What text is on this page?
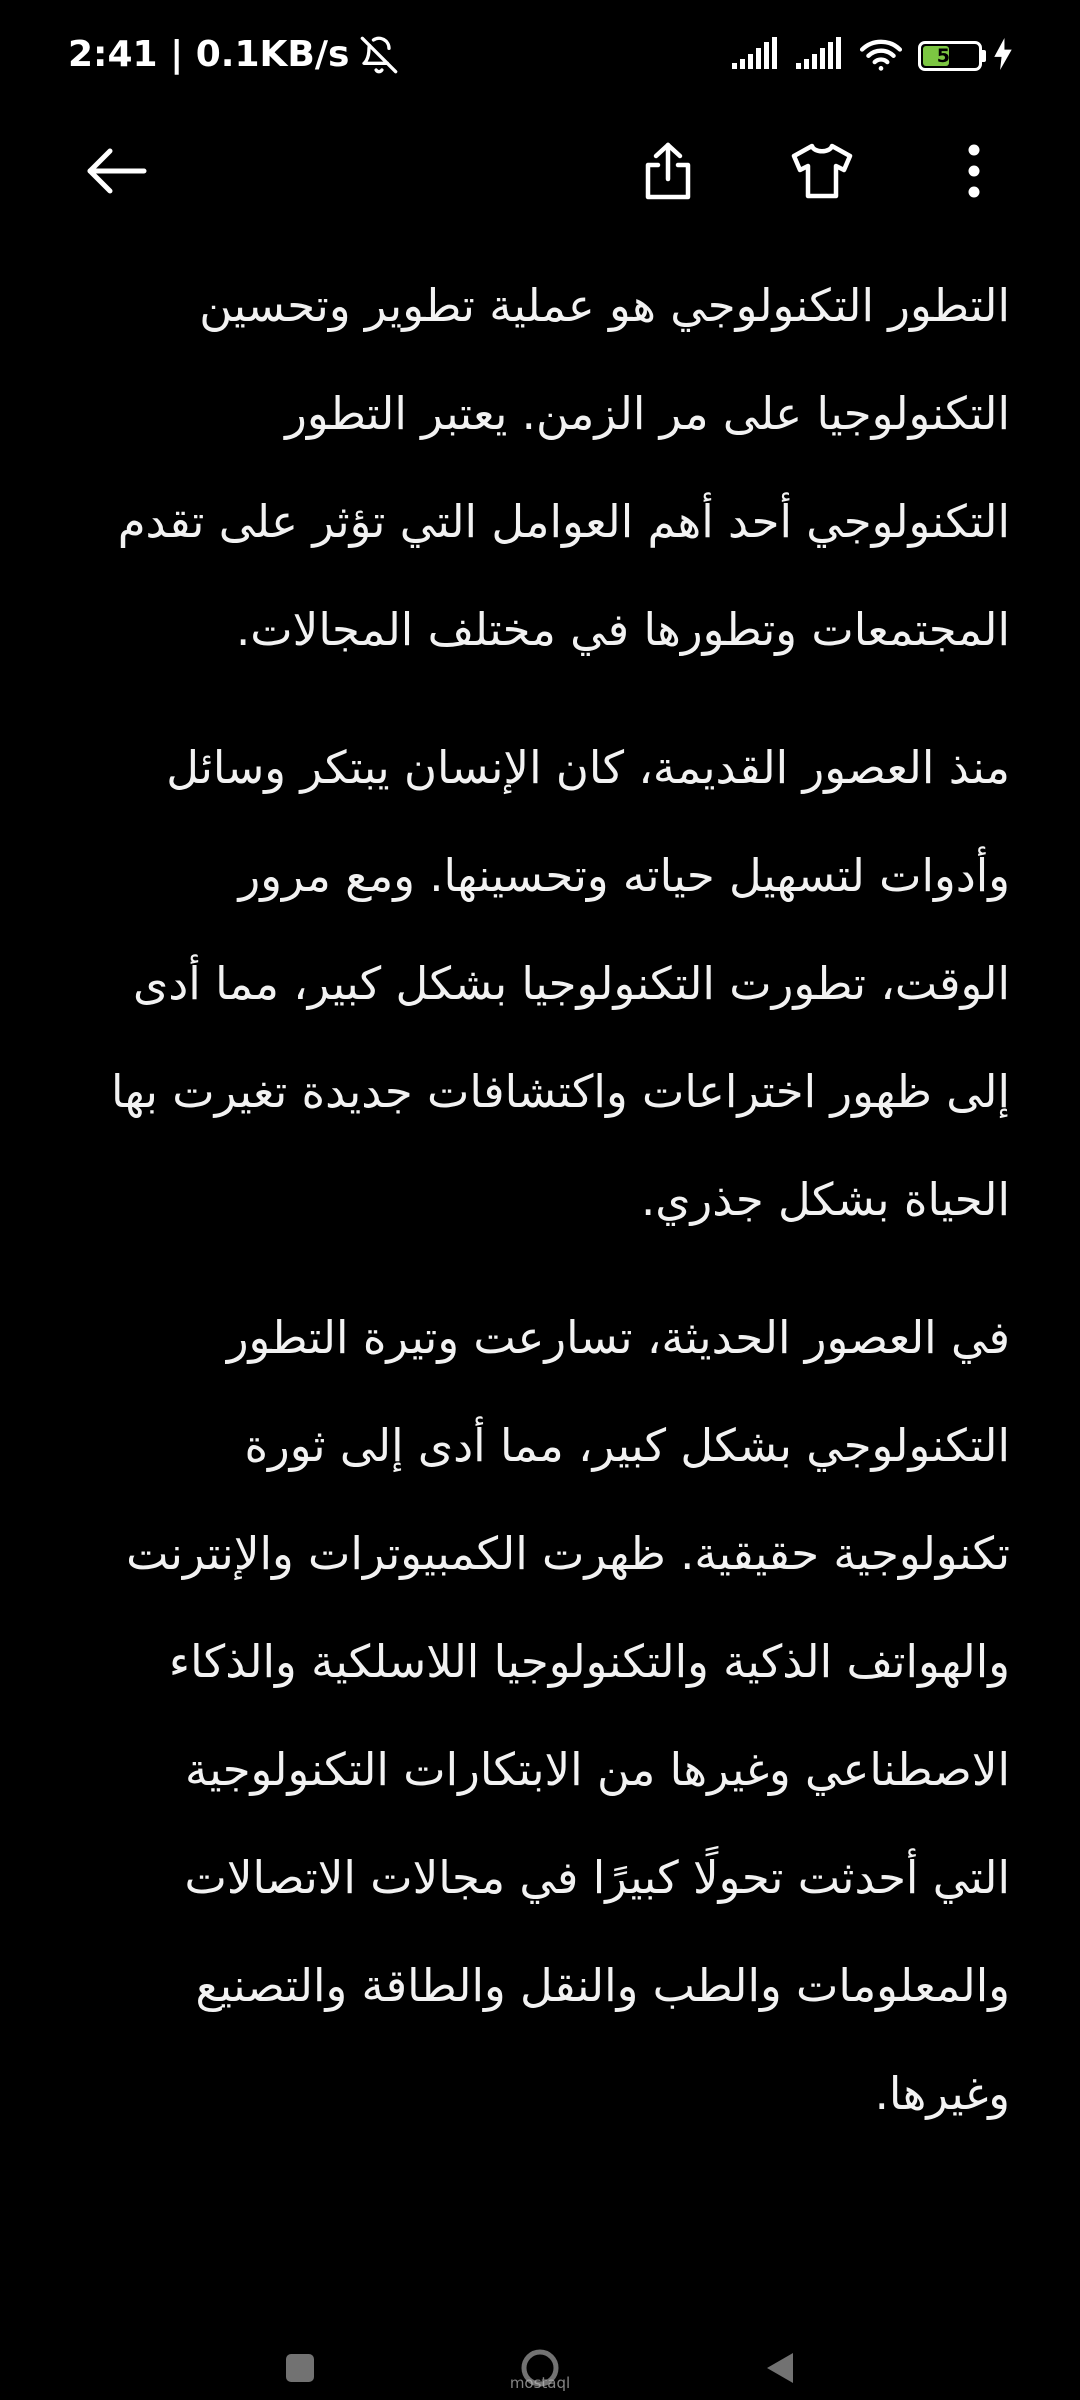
2:41 | 0.1KB/s	52

التطور التكنولوجي هو عملية تطوير وتحسين التكنولوجيا على مر الزمن. يعتبر التطور التكنولوجي أحد أهم العوامل التي تؤثر على تقدم المجتمعات وتطورها في مختلف المجالات.

منذ العصور القديمة، كان الإنسان يبتكر وسائل وأدوات لتسهيل حياته وتحسينها. ومع مرور الوقت، تطورت التكنولوجيا بشكل كبير، مما أدى إلى ظهور اختراعات واكتشافات جديدة تغيرت بها الحياة بشكل جذري.

في العصور الحديثة، تسارعت وتيرة التطور التكنولوجي بشكل كبير، مما أدى إلى ثورة تكنولوجية حقيقية. ظهرت الكمبيوترات والإنترنت والهواتف الذكية والتكنولوجيا اللاسلكية والذكاء الاصطناعي وغيرها من الابتكارات التكنولوجية التي أحدثت تحولًا كبيرًا في مجالات الاتصالات والمعلومات والطب والنقل والطاقة والتصنيع وغيرها.

mostaql
